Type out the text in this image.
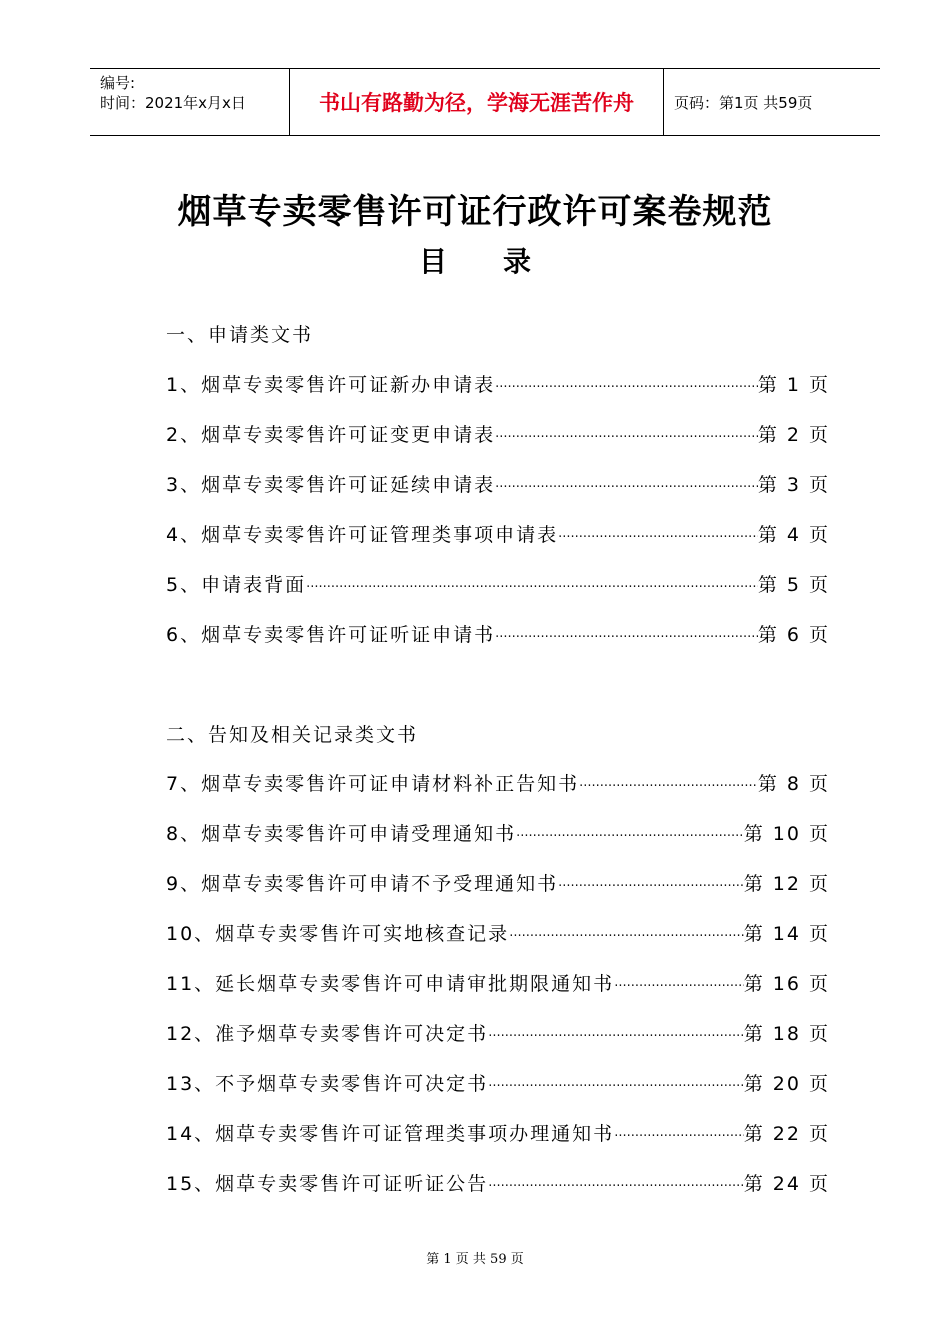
编号:
时间：2021年x月x日	书山有路勤为径，学海无涯苦作舟	页码：第1页 共59页
烟草专卖零售许可证行政许可案卷规范
目 录
一、申请类文书
1、烟草专卖零售许可证新办申请表 ·····	第 1 页
2、烟草专卖零售许可证变更申请表 ·····	第 2 页
3、烟草专卖零售许可证延续申请表 ·····	第 3 页
4、烟草专卖零售许可证管理类事项申请表 ·····	第 4 页
5、申请表背面 ·····	第 5 页
6、烟草专卖零售许可证听证申请书 ·····	第 6 页
二、告知及相关记录类文书
7、烟草专卖零售许可证申请材料补正告知书 ·····	第 8 页
8、烟草专卖零售许可申请受理通知书 ·····	第 10 页
9、烟草专卖零售许可申请不予受理通知书 ·····	第 12 页
10、烟草专卖零售许可实地核查记录 ·····	第 14 页
11、延长烟草专卖零售许可申请审批期限通知书 ·····	第 16 页
12、准予烟草专卖零售许可决定书 ·····	第 18 页
13、不予烟草专卖零售许可决定书 ·····	第 20 页
14、烟草专卖零售许可证管理类事项办理通知书 ·····	第 22 页
15、烟草专卖零售许可证听证公告 ·····	第 24 页
第 1 页 共 59 页
